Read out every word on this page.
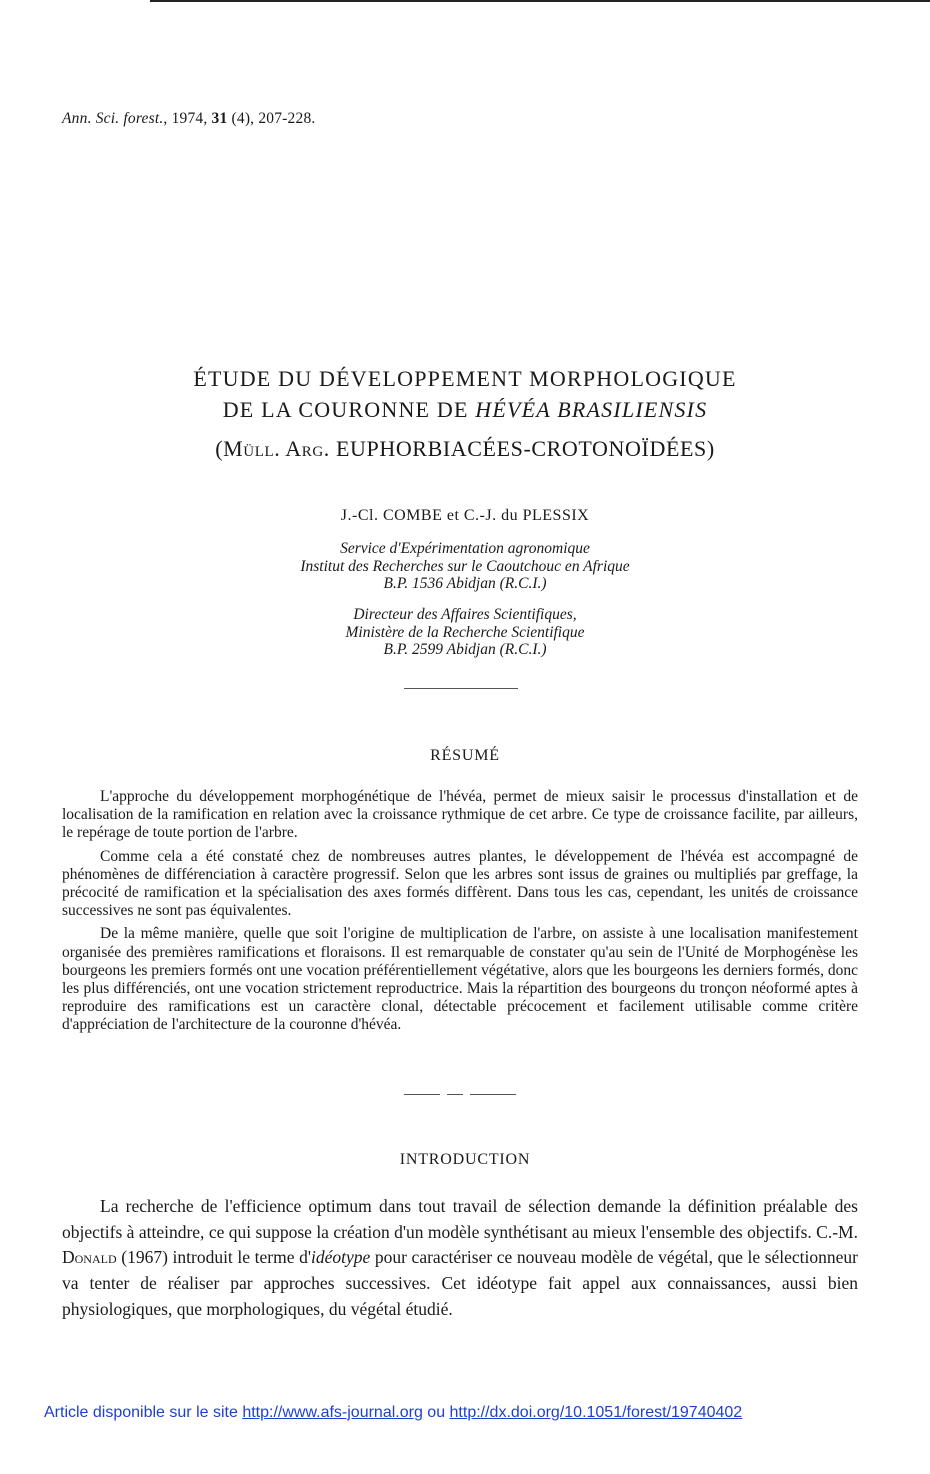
Ann. Sci. forest., 1974, 31 (4), 207-228.
ÉTUDE DU DÉVELOPPEMENT MORPHOLOGIQUE
DE LA COURONNE DE HÉVÉA BRASILIENSIS
(Müll. Arg. EUPHORBIACÉES-CROTONOÏDÉES)
J.-Cl. COMBE et C.-J. du PLESSIX
Service d'Expérimentation agronomique
Institut des Recherches sur le Caoutchouc en Afrique
B.P. 1536 Abidjan (R.C.I.)
Directeur des Affaires Scientifiques,
Ministère de la Recherche Scientifique
B.P. 2599 Abidjan (R.C.I.)
RÉSUMÉ

L'approche du développement morphogénétique de l'hévéa, permet de mieux saisir le processus d'installation et de localisation de la ramification en relation avec la croissance rythmique de cet arbre. Ce type de croissance facilite, par ailleurs, le repérage de toute portion de l'arbre.

Comme cela a été constaté chez de nombreuses autres plantes, le développement de l'hévéa est accompagné de phénomènes de différenciation à caractère progressif. Selon que les arbres sont issus de graines ou multipliés par greffage, la précocité de ramification et la spécialisation des axes formés diffèrent. Dans tous les cas, cependant, les unités de croissance successives ne sont pas équivalentes.

De la même manière, quelle que soit l'origine de multiplication de l'arbre, on assiste à une localisation manifestement organisée des premières ramifications et floraisons. Il est remarquable de constater qu'au sein de l'Unité de Morphogénèse les bourgeons les premiers formés ont une vocation préférentiellement végétative, alors que les bourgeons les derniers formés, donc les plus différenciés, ont une vocation strictement reproductrice. Mais la répartition des bourgeons du tronçon néoformé aptes à reproduire des ramifications est un caractère clonal, détectable précocement et facilement utilisable comme critère d'appréciation de l'architecture de la couronne d'hévéa.

INTRODUCTION

La recherche de l'efficience optimum dans tout travail de sélection demande la définition préalable des objectifs à atteindre, ce qui suppose la création d'un modèle synthétisant au mieux l'ensemble des objectifs. C.-M. Donald (1967) introduit le terme d'idéotype pour caractériser ce nouveau modèle de végétal, que le sélectionneur va tenter de réaliser par approches successives. Cet idéotype fait appel aux connaissances, aussi bien physiologiques, que morphologiques, du végétal étudié.

Article disponible sur le site http://www.afs-journal.org ou http://dx.doi.org/10.1051/forest/19740402
